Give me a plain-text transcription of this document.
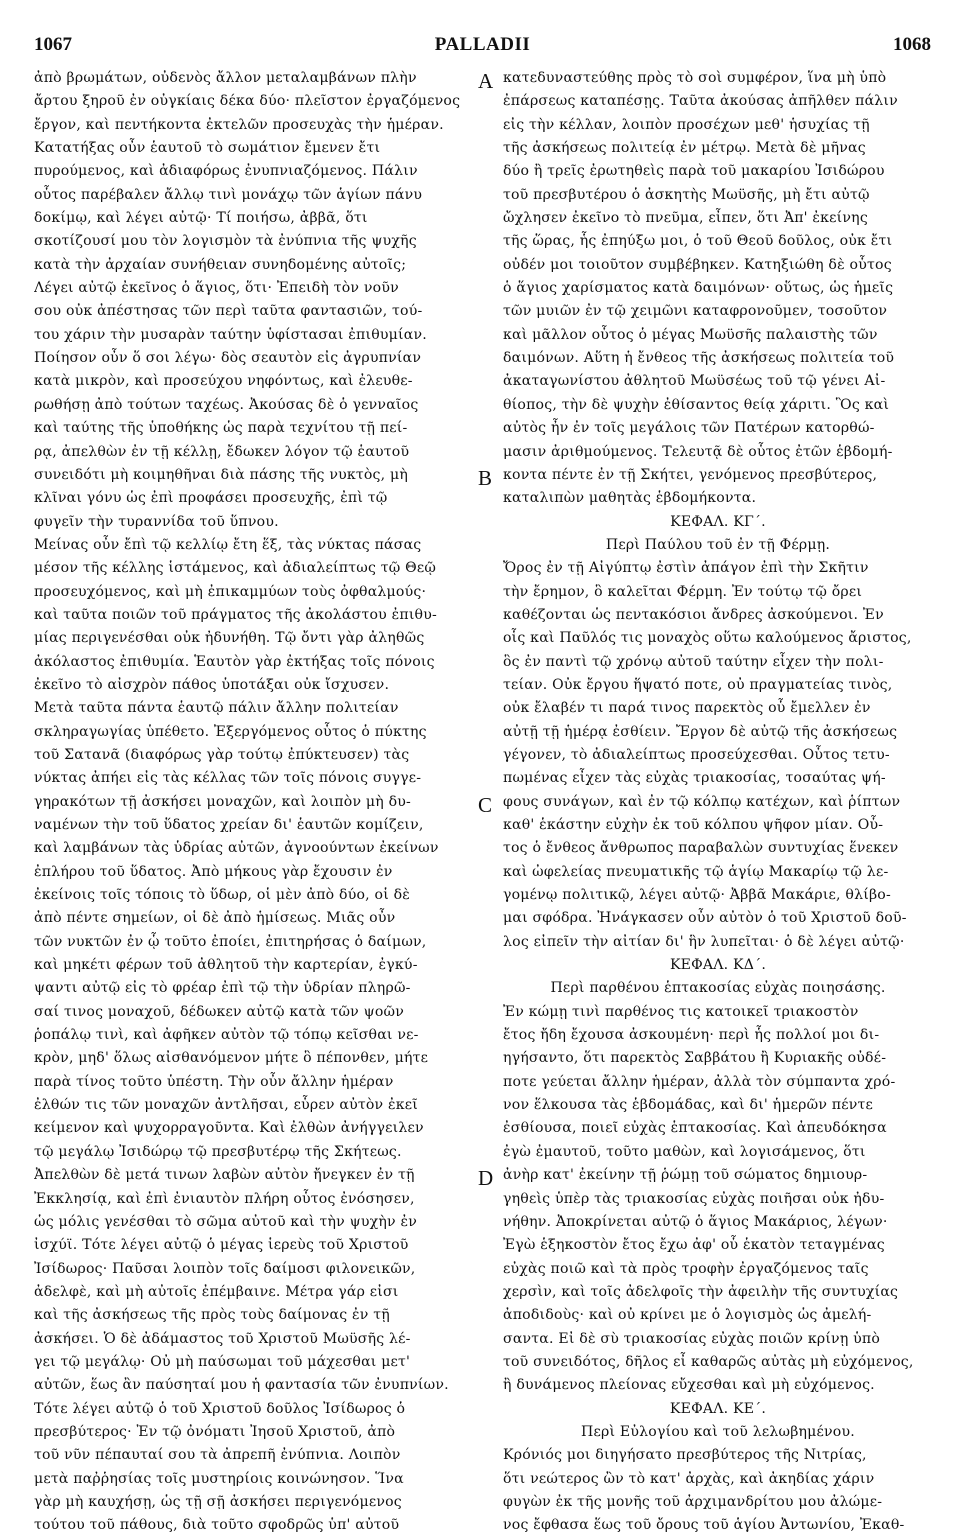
1067	PALLADII	1068
ἀπὸ βρωμάτων, οὐδενὸς ἄλλον μεταλαμβάνων πλὴν
ἄρτου ξηροῦ ἐν οὐγκίαις δέκα δύο· πλεῖστον ἐργαζόμενος
ἔργον, καὶ πεντήκοντα ἐκτελῶν προσευχὰς τὴν ἡμέραν.
Κατατήξας οὖν ἑαυτοῦ τὸ σωμάτιον ἔμενεν ἔτι
πυρούμενος, καὶ ἀδιαφόρως ἐνυπνιαζόμενος. Πάλιν
οὗτος παρέβαλεν ἄλλῳ τινὶ μονάχῳ τῶν ἁγίων πάνυ
δοκίμῳ, καὶ λέγει αὐτῷ· Τί ποιήσω, ἀββᾶ, ὅτι
σκοτίζουσί μου τὸν λογισμὸν τὰ ἐνύπνια τῆς ψυχῆς
κατὰ τὴν ἀρχαίαν συνήθειαν συνηδομένης αὐτοῖς;
Λέγει αὐτῷ ἐκεῖνος ὁ ἅγιος, ὅτι· Ἐπειδὴ τὸν νοῦν
σου οὐκ ἀπέστησας τῶν περὶ ταῦτα φαντασιῶν, τού-
του χάριν τὴν μυσαρὰν ταύτην ὑφίστασαι ἐπιθυμίαν.
Ποίησον οὖν ὅ σοι λέγω· δὸς σεαυτὸν εἰς ἀγρυπνίαν
κατὰ μικρὸν, καὶ προσεύχου νηφόντως, καὶ ἐλευθε-
ρωθήσῃ ἀπὸ τούτων ταχέως. Ἀκούσας δὲ ὁ γενναῖος
καὶ ταύτης τῆς ὑποθήκης ὡς παρὰ τεχνίτου τῇ πεί-
ρᾳ, ἀπελθὼν ἐν τῇ κέλλῃ, ἔδωκεν λόγον τῷ ἑαυτοῦ
συνειδότι μὴ κοιμηθῆναι διὰ πάσης τῆς νυκτὸς, μὴ
κλῖναι γόνυ ὡς ἐπὶ προφάσει προσευχῆς, ἐπὶ τῷ
φυγεῖν τὴν τυραννίδα τοῦ ὕπνου.
Μείνας οὖν ἔπὶ τῷ κελλίῳ ἔτη ἕξ, τὰς νύκτας πάσας
μέσον τῆς κέλλης ἱστάμενος, καὶ ἀδιαλείπτως τῷ Θεῷ
προσευχόμενος, καὶ μὴ ἐπικαμμύων τοὺς ὀφθαλμούς·
καὶ ταῦτα ποιῶν τοῦ πράγματος τῆς ἀκολάστου ἐπιθυ-
μίας περιγενέσθαι οὐκ ἠδυνήθη. Τῷ ὄντι γὰρ ἀληθῶς
ἀκόλαστος ἐπιθυμία. Ἑαυτὸν γὰρ ἐκτήξας τοῖς πόνοις
ἐκεῖνο τὸ αἰσχρὸν πάθος ὑποτάξαι οὐκ ἴσχυσεν.
Μετὰ ταῦτα πάντα ἑαυτῷ πάλιν ἄλλην πολιτείαν
σκληραγωγίας ὑπέθετο. Ἐξεργόμενος οὗτος ὁ πύκτης
τοῦ Σατανᾶ (διαφόρως γὰρ τούτῳ ἐπύκτευσεν) τὰς
νύκτας ἀπήει εἰς τὰς κέλλας τῶν τοῖς πόνοις συγγε-
γηρακότων τῇ ἀσκήσει μοναχῶν, καὶ λοιπὸν μὴ δυ-
ναμένων τὴν τοῦ ὕδατος χρείαν δι' ἑαυτῶν κομίζειν,
καὶ λαμβάνων τὰς ὑδρίας αὐτῶν, ἀγνοούντων ἐκείνων
ἐπλήρου τοῦ ὕδατος. Ἀπὸ μήκους γὰρ ἔχουσιν ἐν
ἐκείνοις τοῖς τόποις τὸ ὕδωρ, οἱ μὲν ἀπὸ δύο, οἱ δὲ
ἀπὸ πέντε σημείων, οἱ δὲ ἀπὸ ἡμίσεως. Μιᾶς οὖν
τῶν νυκτῶν ἐν ᾧ τοῦτο ἐποίει, ἐπιτηρήσας ὁ δαίμων,
καὶ μηκέτι φέρων τοῦ ἀθλητοῦ τὴν καρτερίαν, ἐγκύ-
ψαντι αὐτῷ εἰς τὸ φρέαρ ἐπὶ τῷ τὴν ὑδρίαν πληρῶ-
σαί τινος μοναχοῦ, δέδωκεν αὐτῷ κατὰ τῶν ψοῶν
ῥοπάλῳ τινὶ, καὶ ἀφῆκεν αὐτὸν τῷ τόπῳ κεῖσθαι νε-
κρὸν, μηδ' ὅλως αἰσθανόμενον μήτε ὃ πέπονθεν, μήτε
παρὰ τίνος τοῦτο ὑπέστη. Τὴν οὖν ἄλλην ἡμέραν
ἐλθών τις τῶν μοναχῶν ἀντλῆσαι, εὗρεν αὐτὸν ἐκεῖ
κείμενον καὶ ψυχορραγοῦντα. Καὶ ἐλθὼν ἀνήγγειλεν
τῷ μεγάλῳ Ἰσιδώρῳ τῷ πρεσβυτέρῳ τῆς Σκήτεως.
Ἀπελθὼν δὲ μετά τινων λαβὼν αὐτὸν ἤνεγκεν ἐν τῇ
Ἐκκλησίᾳ, καὶ ἐπὶ ἐνιαυτὸν πλήρη οὗτος ἐνόσησεν,
ὡς μόλις γενέσθαι τὸ σῶμα αὐτοῦ καὶ τὴν ψυχὴν ἐν
ἰσχύϊ. Τότε λέγει αὐτῷ ὁ μέγας ἱερεὺς τοῦ Χριστοῦ
Ἰσίδωρος· Παῦσαι λοιπὸν τοῖς δαίμοσι φιλονεικῶν,
ἀδελφὲ, καὶ μὴ αὐτοῖς ἐπέμβαινε. Μέτρα γάρ εἰσι
καὶ τῆς ἀσκήσεως τῆς πρὸς τοὺς δαίμονας ἐν τῇ
ἀσκήσει. Ὁ δὲ ἀδάμαστος τοῦ Χριστοῦ Μωϋσῆς λέ-
γει τῷ μεγάλῳ· Οὐ μὴ παύσωμαι τοῦ μάχεσθαι μετ'
αὐτῶν, ἕως ἂν παύσηταί μου ἡ φαντασία τῶν ἐνυπνίων.
Τότε λέγει αὐτῷ ὁ τοῦ Χριστοῦ δοῦλος Ἰσίδωρος ὁ
πρεσβύτερος· Ἐν τῷ ὀνόματι Ἰησοῦ Χριστοῦ, ἀπὸ
τοῦ νῦν πέπαυταί σου τὰ ἀπρεπῆ ἐνύπνια. Λοιπὸν
μετὰ παῤῥησίας τοῖς μυστηρίοις κοινώνησον. Ἵνα
γὰρ μὴ καυχήσῃ, ὡς τῇ σῇ ἀσκήσει περιγενόμενος
τούτου τοῦ πάθους, διὰ τοῦτο σφοδρῶς ὑπ' αὐτοῦ
κατεδυναστεύθης πρὸς τὸ σοὶ συμφέρον, ἵνα μὴ ὑπὸ
ἐπάρσεως καταπέσῃς. Ταῦτα ἀκούσας ἀπῆλθεν πάλιν
εἰς τὴν κέλλαν, λοιπὸν προσέχων μεθ' ἡσυχίας τῇ
τῆς ἀσκήσεως πολιτείᾳ ἐν μέτρῳ. Μετὰ δὲ μῆνας
δύο ἢ τρεῖς ἐρωτηθεὶς παρὰ τοῦ μακαρίου Ἰσιδώρου
τοῦ πρεσβυτέρου ὁ ἀσκητὴς Μωϋσῆς, μὴ ἔτι αὐτῷ
ὤχλησεν ἐκεῖνο τὸ πνεῦμα, εἶπεν, ὅτι Ἀπ' ἐκείνης
τῆς ὥρας, ἧς ἐπηύξω μοι, ὁ τοῦ Θεοῦ δοῦλος, οὐκ ἔτι
οὐδέν μοι τοιοῦτον συμβέβηκεν. Κατηξιώθη δὲ οὗτος
ὁ ἅγιος χαρίσματος κατὰ δαιμόνων· οὕτως, ὡς ἡμεῖς
τῶν μυιῶν ἐν τῷ χειμῶνι καταφρονοῦμεν, τοσοῦτον
καὶ μᾶλλον οὗτος ὁ μέγας Μωϋσῆς παλαιστὴς τῶν
δαιμόνων. Αὕτη ἡ ἔνθεος τῆς ἀσκήσεως πολιτεία τοῦ
ἀκαταγωνίστου ἀθλητοῦ Μωϋσέως τοῦ τῷ γένει Αἰ-
θίοπος, τὴν δὲ ψυχὴν ἐθίσαντος θείᾳ χάριτι. Ὃς καὶ
αὐτὸς ἦν ἐν τοῖς μεγάλοις τῶν Πατέρων κατορθώ-
μασιν ἀριθμούμενος. Τελευτᾷ δὲ οὗτος ἐτῶν ἑβδομή-
κοντα πέντε ἐν τῇ Σκήτει, γενόμενος πρεσβύτερος,
καταλιπὼν μαθητὰς ἑβδομήκοντα.
ΚΕΦΑΛ. ΚΓ΄.
Περὶ Παύλου τοῦ ἐν τῇ Φέρμῃ.
Ὄρος ἐν τῇ Αἰγύπτῳ ἐστὶν ἀπάγον ἐπὶ τὴν Σκῆτιν
τὴν ἔρημον, ὃ καλεῖται Φέρμη. Ἐν τούτῳ τῷ ὄρει
καθέζονται ὡς πεντακόσιοι ἄνδρες ἀσκούμενοι. Ἐν
οἷς καὶ Παῦλός τις μοναχὸς οὕτω καλούμενος ἄριστος,
ὃς ἐν παντὶ τῷ χρόνῳ αὐτοῦ ταύτην εἶχεν τὴν πολι-
τείαν. Οὐκ ἔργου ἥψατό ποτε, οὐ πραγματείας τινὸς,
οὐκ ἔλαβέν τι παρά τινος παρεκτὸς οὗ ἔμελλεν ἐν
αὐτῇ τῇ ἡμέρᾳ ἐσθίειν. Ἔργον δὲ αὐτῷ τῆς ἀσκήσεως
γέγονεν, τὸ ἀδιαλείπτως προσεύχεσθαι. Οὗτος τετυ-
πωμένας εἶχεν τὰς εὐχὰς τριακοσίας, τοσαύτας ψή-
φους συνάγων, καὶ ἐν τῷ κόλπῳ κατέχων, καὶ ῥίπτων
καθ' ἑκάστην εὐχὴν ἐκ τοῦ κόλπου ψῆφον μίαν. Οὗ-
τος ὁ ἔνθεος ἄνθρωπος παραβαλὼν συντυχίας ἕνεκεν
καὶ ὠφελείας πνευματικῆς τῷ ἁγίῳ Μακαρίῳ τῷ λε-
γομένῳ πολιτικῷ, λέγει αὐτῷ· Ἀββᾶ Μακάριε, θλίβο-
μαι σφόδρα. Ἠνάγκασεν οὖν αὐτὸν ὁ τοῦ Χριστοῦ δοῦ-
λος εἰπεῖν τὴν αἰτίαν δι' ἣν λυπεῖται· ὁ δὲ λέγει αὐτῷ·
ΚΕΦΑΛ. ΚΔ΄.
Περὶ παρθένου ἑπτακοσίας εὐχὰς ποιησάσης.
Ἐν κώμῃ τινὶ παρθένος τις κατοικεῖ τριακοστὸν
ἔτος ἤδη ἔχουσα ἀσκουμένη· περὶ ἧς πολλοί μοι δι-
ηγήσαντο, ὅτι παρεκτὸς Σαββάτου ἢ Κυριακῆς οὐδέ-
ποτε γεύεται ἄλλην ἡμέραν, ἀλλὰ τὸν σύμπαντα χρό-
νον ἕλκουσα τὰς ἑβδομάδας, καὶ δι' ἡμερῶν πέντε
ἐσθίουσα, ποιεῖ εὐχὰς ἑπτακοσίας. Καὶ ἀπευδόκησα
ἐγὼ ἐμαυτοῦ, τοῦτο μαθὼν, καὶ λογισάμενος, ὅτι
ἀνὴρ κατ' ἐκείνην τῇ ῥώμῃ τοῦ σώματος δημιουρ-
γηθεὶς ὑπὲρ τὰς τριακοσίας εὐχὰς ποιῆσαι οὐκ ἠδυ-
νήθην. Ἀποκρίνεται αὐτῷ ὁ ἅγιος Μακάριος, λέγων·
Ἐγὼ ἑξηκοστὸν ἔτος ἔχω ἀφ' οὗ ἑκατὸν τεταγμένας
εὐχὰς ποιῶ καὶ τὰ πρὸς τροφὴν ἐργαζόμενος ταῖς
χερσὶν, καὶ τοῖς ἀδελφοῖς τὴν ἀφειλὴν τῆς συντυχίας
ἀποδιδοὺς· καὶ οὐ κρίνει με ὁ λογισμὸς ὡς ἀμελή-
σαντα. Εἰ δὲ σὺ τριακοσίας εὐχὰς ποιῶν κρίνῃ ὑπὸ
τοῦ συνειδότος, δῆλος εἶ καθαρῶς αὐτὰς μὴ εὐχόμενος,
ἢ δυνάμενος πλείονας εὔχεσθαι καὶ μὴ εὐχόμενος.
ΚΕΦΑΛ. ΚΕ΄.
Περὶ Εὐλογίου καὶ τοῦ λελωβημένου.
Κρόνιός μοι διηγήσατο πρεσβύτερος τῆς Νιτρίας,
ὅτι νεώτερος ὢν τὸ κατ' ἀρχὰς, καὶ ἀκηδίας χάριν
φυγὼν ἐκ τῆς μονῆς τοῦ ἀρχιμανδρίτου μου ἀλώμε-
νος ἔφθασα ἕως τοῦ ὄρους τοῦ ἁγίου Ἀντωνίου, Ἐκαθ-
A
B
C
D
